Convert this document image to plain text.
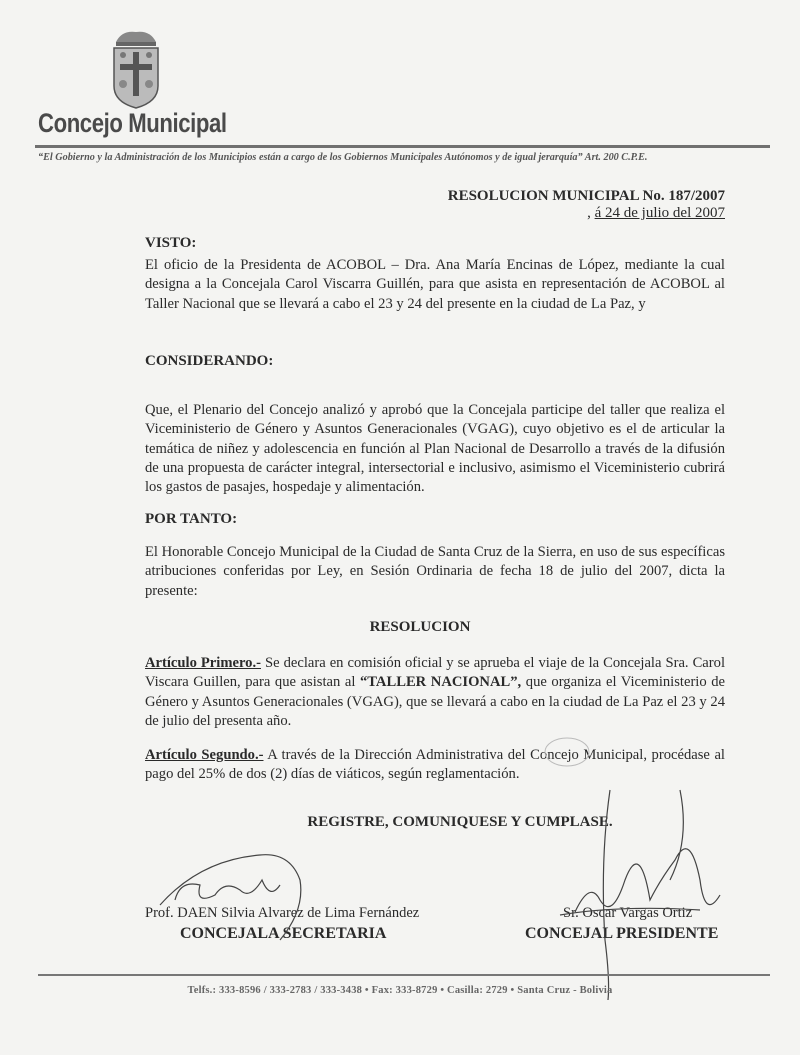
Concejo Municipal
“El Gobierno y la Administración de los Municipios están a cargo de los Gobiernos Municipales Autónomos y de igual jerarquía” Art. 200 C.P.E.
RESOLUCION MUNICIPAL No. 187/2007
, á 24 de julio del 2007
VISTO:
El oficio de la Presidenta de ACOBOL – Dra. Ana María Encinas de López, mediante la cual designa a la Concejala Carol Viscarra Guillén, para que asista en representación de ACOBOL al Taller Nacional que se llevará a cabo el 23 y 24 del presente en la ciudad de La Paz, y
CONSIDERANDO:
Que, el Plenario del Concejo analizó y aprobó que la Concejala participe del taller que realiza el Viceministerio de Género y Asuntos Generacionales (VGAG), cuyo objetivo es el de articular la temática de niñez y adolescencia en función al Plan Nacional de Desarrollo a través de la difusión de una propuesta de carácter integral, intersectorial e inclusivo, asimismo el Viceministerio cubrirá los gastos de pasajes, hospedaje y alimentación.
POR TANTO:
El Honorable Concejo Municipal de la Ciudad de Santa Cruz de la Sierra, en uso de sus específicas atribuciones conferidas por Ley, en Sesión Ordinaria de fecha 18 de julio del 2007, dicta la presente:
RESOLUCION
Artículo Primero.- Se declara en comisión oficial y se aprueba el viaje de la Concejala Sra. Carol Viscara Guillen, para que asistan al “TALLER NACIONAL”, que organiza el Viceministerio de Género y Asuntos Generacionales (VGAG), que se llevará a cabo en la ciudad de La Paz el 23 y 24 de julio del presenta año.
Artículo Segundo.- A través de la Dirección Administrativa del Concejo Municipal, procédase al pago del 25% de dos (2) días de viáticos, según reglamentación.
REGISTRE, COMUNIQUESE Y CUMPLASE.
Prof. DAEN Silvia Alvarez de Lima Fernández
CONCEJALA SECRETARIA
Sr. Oscar Vargas Ortiz
CONCEJAL PRESIDENTE
Telfs.: 333-8596 / 333-2783 / 333-3438 • Fax: 333-8729 • Casilla: 2729 • Santa Cruz - Bolivia
